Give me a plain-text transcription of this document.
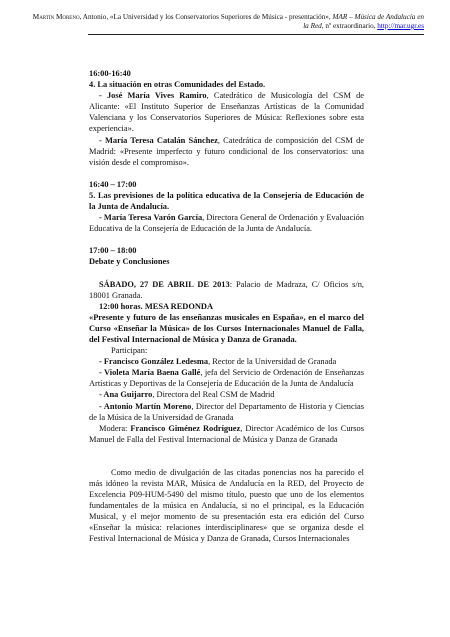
Martín Moreno, Antonio, «La Universidad y los Conservatorios Superiores de Música - presentación», MAR – Música de Andalucía en la Red, nº extraordinario, http://mar.ugr.es

16:00-16:40

4. La situación en otras Comunidades del Estado.

- José María Vives Ramiro, Catedrático de Musicología del CSM de Alicante: «El Instituto Superior de Enseñanzas Artísticas de la Comunidad Valenciana y los Conservatorios Superiores de Música: Reflexiones sobre esta experiencia».

- María Teresa Catalán Sánchez, Catedrática de composición del CSM de Madrid: «Presente imperfecto y futuro condicional de los conservatorios: una visión desde el compromiso».

16:40 – 17:00

5. Las previsiones de la política educativa de la Consejería de Educación de la Junta de Andalucía.

- María Teresa Varón García, Directora General de Ordenación y Evaluación Educativa de la Consejería de Educación de la Junta de Andalucía.

17:00 – 18:00

Debate y Conclusiones

SÁBADO, 27 DE ABRIL DE 2013: Palacio de Madraza, C/ Oficios s/n, 18001 Granada.

12:00 horas. MESA REDONDA

«Presente y futuro de las enseñanzas musicales en España», en el marco del Curso «Enseñar la Música» de los Cursos Internacionales Manuel de Falla, del Festival Internacional de Música y Danza de Granada.

Participan:

- Francisco González Ledesma, Rector de la Universidad de Granada

- Violeta María Baena Gallé, jefa del Servicio de Ordenación de Enseñanzas Artísticas y Deportivas de la Consejería de Educación de la Junta de Andalucía

- Ana Guijarro, Directora del Real CSM de Madrid

- Antonio Martín Moreno, Director del Departamento de Historia y Ciencias de la Música de la Universidad de Granada

Modera: Francisco Giménez Rodríguez, Director Académico de los Cursos Manuel de Falla del Festival Internacional de Música y Danza de Granada

Como medio de divulgación de las citadas ponencias nos ha parecido el más idóneo la revista MAR, Música de Andalucía en la RED, del Proyecto de Excelencia P09-HUM-5490 del mismo título, puesto que uno de los elementos fundamentales de la música en Andalucía, si no el principal, es la Educación Musical, y el mejor momento de su presentación esta era edición del Curso «Enseñar la música: relaciones interdisciplinares» que se organiza desde el Festival Internacional de Música y Danza de Granada, Cursos Internacionales
